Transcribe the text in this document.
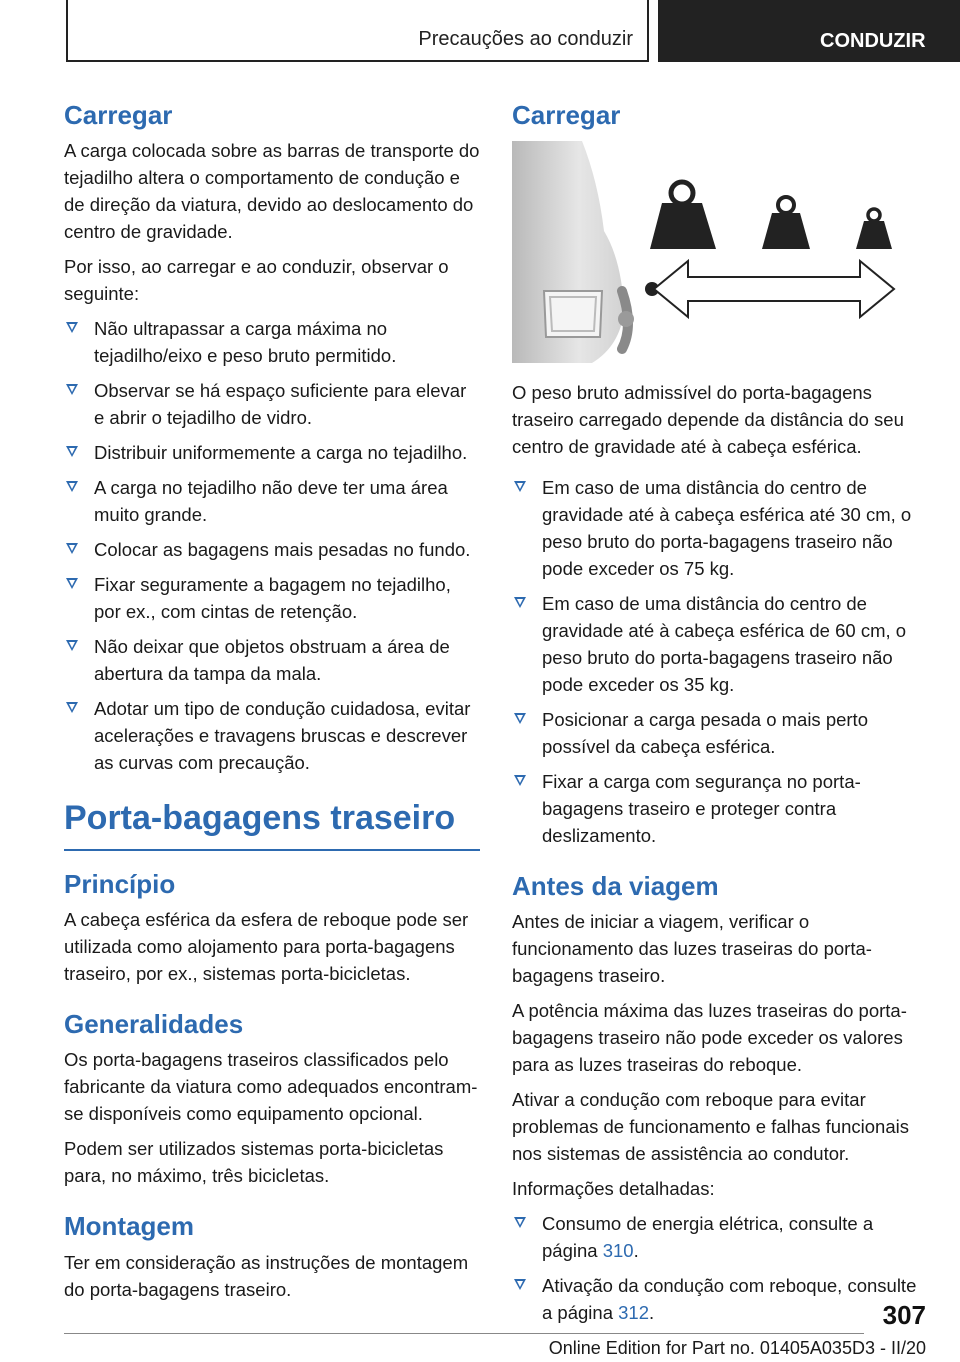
Precauções ao conduzir	CONDUZIR
Carregar

A carga colocada sobre as barras de transporte do tejadilho altera o comportamento de condução e de direção da viatura, devido ao deslocamento do centro de gravidade.

Por isso, ao carregar e ao conduzir, observar o seguinte:

Não ultrapassar a carga máxima no tejadilho/eixo e peso bruto permitido.
Observar se há espaço suficiente para elevar e abrir o tejadilho de vidro.
Distribuir uniformemente a carga no tejadilho.
A carga no tejadilho não deve ter uma área muito grande.
Colocar as bagagens mais pesadas no fundo.
Fixar seguramente a bagagem no tejadilho, por ex., com cintas de retenção.
Não deixar que objetos obstruam a área de abertura da tampa da mala.
Adotar um tipo de condução cuidadosa, evitar acelerações e travagens bruscas e descrever as curvas com precaução.
Porta-bagagens traseiro
Princípio

A cabeça esférica da esfera de reboque pode ser utilizada como alojamento para porta-bagagens traseiro, por ex., sistemas porta-bicicletas.

Generalidades

Os porta-bagagens traseiros classificados pelo fabricante da viatura como adequados encontram-se disponíveis como equipamento opcional.

Podem ser utilizados sistemas porta-bicicletas para, no máximo, três bicicletas.

Montagem

Ter em consideração as instruções de montagem do porta-bagagens traseiro.

Carregar

O peso bruto admissível do porta-bagagens traseiro carregado depende da distância do seu centro de gravidade até à cabeça esférica.

Em caso de uma distância do centro de gravidade até à cabeça esférica até 30 cm, o peso bruto do porta-bagagens traseiro não pode exceder os 75 kg.
Em caso de uma distância do centro de gravidade até à cabeça esférica de 60 cm, o peso bruto do porta-bagagens traseiro não pode exceder os 35 kg.
Posicionar a carga pesada o mais perto possível da cabeça esférica.
Fixar a carga com segurança no porta-bagagens traseiro e proteger contra deslizamento.
Antes da viagem

Antes de iniciar a viagem, verificar o funcionamento das luzes traseiras do porta-bagagens traseiro.

A potência máxima das luzes traseiras do porta-bagagens traseiro não pode exceder os valores para as luzes traseiras do reboque.

Ativar a condução com reboque para evitar problemas de funcionamento e falhas funcionais nos sistemas de assistência ao condutor.

Informações detalhadas:

Consumo de energia elétrica, consulte a página 310.
Ativação da condução com reboque, consulte a página 312.	307
Online Edition for Part no. 01405A035D3 - II/20
